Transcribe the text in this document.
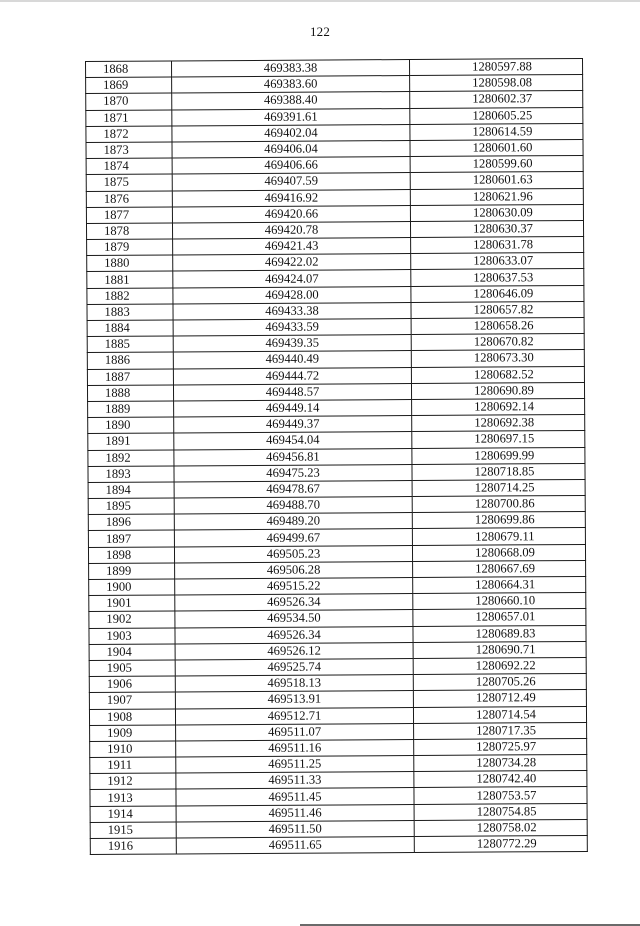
122
1868	469383.38	1280597.88
1869	469383.60	1280598.08
1870	469388.40	1280602.37
1871	469391.61	1280605.25
1872	469402.04	1280614.59
1873	469406.04	1280601.60
1874	469406.66	1280599.60
1875	469407.59	1280601.63
1876	469416.92	1280621.96
1877	469420.66	1280630.09
1878	469420.78	1280630.37
1879	469421.43	1280631.78
1880	469422.02	1280633.07
1881	469424.07	1280637.53
1882	469428.00	1280646.09
1883	469433.38	1280657.82
1884	469433.59	1280658.26
1885	469439.35	1280670.82
1886	469440.49	1280673.30
1887	469444.72	1280682.52
1888	469448.57	1280690.89
1889	469449.14	1280692.14
1890	469449.37	1280692.38
1891	469454.04	1280697.15
1892	469456.81	1280699.99
1893	469475.23	1280718.85
1894	469478.67	1280714.25
1895	469488.70	1280700.86
1896	469489.20	1280699.86
1897	469499.67	1280679.11
1898	469505.23	1280668.09
1899	469506.28	1280667.69
1900	469515.22	1280664.31
1901	469526.34	1280660.10
1902	469534.50	1280657.01
1903	469526.34	1280689.83
1904	469526.12	1280690.71
1905	469525.74	1280692.22
1906	469518.13	1280705.26
1907	469513.91	1280712.49
1908	469512.71	1280714.54
1909	469511.07	1280717.35
1910	469511.16	1280725.97
1911	469511.25	1280734.28
1912	469511.33	1280742.40
1913	469511.45	1280753.57
1914	469511.46	1280754.85
1915	469511.50	1280758.02
1916	469511.65	1280772.29
